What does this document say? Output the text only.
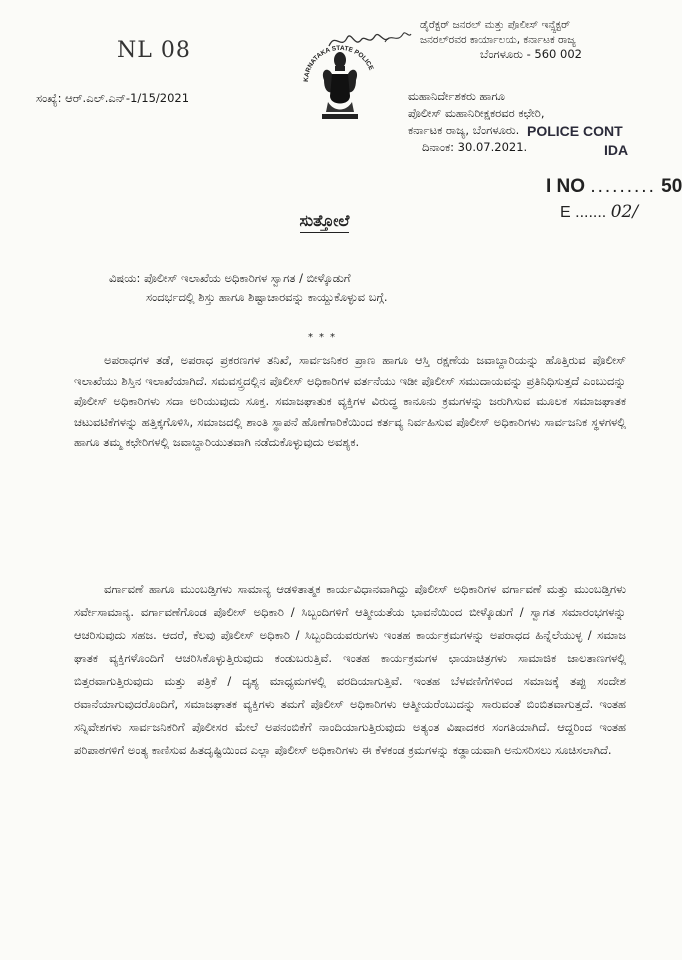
NL 08
ಸಂಖ್ಯೆ: ಆರ್.ಎಲ್.ಎನ್-1/15/2021
KARNATAKA STATE POLICE
ಡೈರೆಕ್ಟರ್ ಜನರಲ್ ಮತ್ತು ಪೊಲೀಸ್ ಇನ್ಸ್ಪೆಕ್ಟರ್
ಜನರಲ್‌ರವರ ಕಾರ್ಯಾಲಯ, ಕರ್ನಾಟಕ ರಾಜ್ಯ

ಬೆಂಗಳೂರು - 560 002
ಮಹಾನಿರ್ದೇಶಕರು ಹಾಗೂ
ಪೊಲೀಸ್ ಮಹಾನಿರೀಕ್ಷಕರವರ ಕಛೇರಿ,
ಕರ್ನಾಟಕ ರಾಜ್ಯ, ಬೆಂಗಳೂರು.
ದಿನಾಂಕ: 30.07.2021.
POLICE CONT
IDA
I NO ......... 50
E ....... 02/
ಸುತ್ತೋಲೆ
ವಿಷಯ: ಪೊಲೀಸ್ ಇಲಾಖೆಯ ಅಧಿಕಾರಿಗಳ ಸ್ವಾಗತ / ಬೀಳ್ಕೊಡುಗೆ
ಸಂದರ್ಭದಲ್ಲಿ ಶಿಸ್ತು ಹಾಗೂ ಶಿಷ್ಟಾಚಾರವನ್ನು ಕಾಯ್ದುಕೊಳ್ಳುವ ಬಗ್ಗೆ.
***
ಅಪರಾಧಗಳ ತಡೆ, ಅಪರಾಧ ಪ್ರಕರಣಗಳ ತನಿಖೆ, ಸಾರ್ವಜನಿಕರ ಪ್ರಾಣ ಹಾಗೂ ಆಸ್ತಿ ರಕ್ಷಣೆಯ ಜವಾಬ್ದಾರಿಯನ್ನು ಹೊತ್ತಿರುವ ಪೊಲೀಸ್ ಇಲಾಖೆಯು ಶಿಸ್ತಿನ ಇಲಾಖೆಯಾಗಿದೆ. ಸಮವಸ್ತ್ರದಲ್ಲಿನ ಪೊಲೀಸ್ ಅಧಿಕಾರಿಗಳ ವರ್ತನೆಯು ಇಡೀ ಪೊಲೀಸ್ ಸಮುದಾಯವನ್ನು ಪ್ರತಿನಿಧಿಸುತ್ತದೆ ಎಂಬುದನ್ನು ಪೊಲೀಸ್ ಅಧಿಕಾರಿಗಳು ಸದಾ ಅರಿಯುವುದು ಸೂಕ್ತ. ಸಮಾಜಘಾತುಕ ವ್ಯಕ್ತಿಗಳ ವಿರುದ್ಧ ಕಾನೂನು ಕ್ರಮಗಳನ್ನು ಜರುಗಿಸುವ ಮೂಲಕ ಸಮಾಜಘಾತಕ ಚಟುವಟಿಕೆಗಳನ್ನು ಹತ್ತಿಕ್ಕಗೊಳಿಸಿ, ಸಮಾಜದಲ್ಲಿ ಶಾಂತಿ ಸ್ಥಾಪನೆ ಹೊಣೆಗಾರಿಕೆಯಿಂದ ಕರ್ತವ್ಯ ನಿರ್ವಹಿಸುವ ಪೊಲೀಸ್ ಅಧಿಕಾರಿಗಳು ಸಾರ್ವಜನಿಕ ಸ್ಥಳಗಳಲ್ಲಿ ಹಾಗೂ ತಮ್ಮ ಕಛೇರಿಗಳಲ್ಲಿ ಜವಾಬ್ದಾರಿಯುತವಾಗಿ ನಡೆದುಕೊಳ್ಳುವುದು ಅವಶ್ಯಕ.
ವರ್ಗಾವಣೆ ಹಾಗೂ ಮುಂಬಡ್ತಿಗಳು ಸಾಮಾನ್ಯ ಆಡಳಿತಾತ್ಮಕ ಕಾರ್ಯವಿಧಾನವಾಗಿದ್ದು ಪೊಲೀಸ್ ಅಧಿಕಾರಿಗಳ ವರ್ಗಾವಣೆ ಮತ್ತು ಮುಂಬಡ್ತಿಗಳು ಸರ್ವೇಸಾಮಾನ್ಯ. ವರ್ಗಾವಣೆಗೊಂಡ ಪೊಲೀಸ್ ಅಧಿಕಾರಿ / ಸಿಬ್ಬಂದಿಗಳಿಗೆ ಆತ್ಮೀಯತೆಯ ಭಾವನೆಯಿಂದ ಬೀಳ್ಕೊಡುಗೆ / ಸ್ವಾಗತ ಸಮಾರಂಭಗಳನ್ನು ಆಚರಿಸುವುದು ಸಹಜ. ಆದರೆ, ಕೆಲವು ಪೊಲೀಸ್ ಅಧಿಕಾರಿ / ಸಿಬ್ಬಂದಿಯವರುಗಳು ಇಂತಹ ಕಾರ್ಯಕ್ರಮಗಳನ್ನು ಅಪರಾಧದ ಹಿನ್ನೆಲೆಯುಳ್ಳ / ಸಮಾಜ ಘಾತಕ ವ್ಯಕ್ತಿಗಳೊಂದಿಗೆ ಆಚರಿಸಿಕೊಳ್ಳುತ್ತಿರುವುದು ಕಂಡುಬರುತ್ತಿವೆ. ಇಂತಹ ಕಾರ್ಯಕ್ರಮಗಳ ಛಾಯಾಚಿತ್ರಗಳು ಸಾಮಾಜಿಕ ಜಾಲತಾಣಗಳಲ್ಲಿ ಬಿತ್ತರವಾಗುತ್ತಿರುವುದು ಮತ್ತು ಪತ್ರಿಕೆ / ದೃಶ್ಯ ಮಾಧ್ಯಮಗಳಲ್ಲಿ ವರದಿಯಾಗುತ್ತಿವೆ. ಇಂತಹ ಬೆಳವಣಿಗೆಗಳಿಂದ ಸಮಾಜಕ್ಕೆ ತಪ್ಪು ಸಂದೇಶ ರವಾನೆಯಾಗುವುದರೊಂದಿಗೆ, ಸಮಾಜಘಾತಕ ವ್ಯಕ್ತಿಗಳು ತಮಗೆ ಪೊಲೀಸ್ ಅಧಿಕಾರಿಗಳು ಆತ್ಮೀಯರೆಂಬುದನ್ನು ಸಾರುವಂತೆ ಬಿಂಬಿತವಾಗುತ್ತದೆ. ಇಂತಹ ಸನ್ನಿವೇಶಗಳು ಸಾರ್ವಜನಿಕರಿಗೆ ಪೊಲೀಸರ ಮೇಲೆ ಅಪನಂಬಿಕೆಗೆ ನಾಂದಿಯಾಗುತ್ತಿರುವುದು ಅತ್ಯಂತ ವಿಷಾದಕರ ಸಂಗತಿಯಾಗಿದೆ. ಆದ್ದರಿಂದ ಇಂತಹ ಪರಿಪಾಠಗಳಿಗೆ ಅಂತ್ಯ ಕಾಣಿಸುವ ಹಿತದೃಷ್ಟಿಯಿಂದ ಎಲ್ಲಾ ಪೊಲೀಸ್ ಅಧಿಕಾರಿಗಳು ಈ ಕೆಳಕಂಡ ಕ್ರಮಗಳನ್ನು ಕಡ್ಡಾಯವಾಗಿ ಅನುಸರಿಸಲು ಸೂಚಿಸಲಾಗಿದೆ.
